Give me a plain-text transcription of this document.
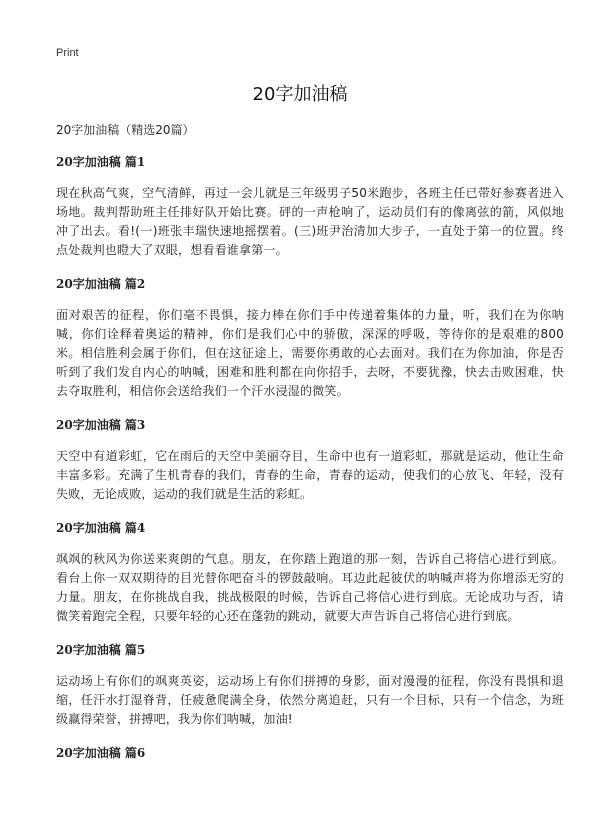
Print
20字加油稿

20字加油稿（精选20篇）

20字加油稿 篇1

现在秋高气爽，空气清鲜，再过一会儿就是三年级男子50米跑步，各班主任已带好参赛者进入场地。裁判帮助班主任排好队开始比赛。砰的一声枪响了，运动员们有的像离弦的箭，风似地冲了出去。看!(一)班张丰瑞快速地摇摆着。(三)班尹治清加大步子，一直处于第一的位置。终点处裁判也瞪大了双眼，想看看谁拿第一。

20字加油稿 篇2

面对艰苦的征程，你们毫不畏惧，接力棒在你们手中传递着集体的力量，听，我们在为你呐喊，你们诠释着奥运的精神，你们是我们心中的骄傲，深深的呼吸，等待你的是艰难的800米。相信胜利会属于你们，但在这征途上，需要你勇敢的心去面对。我们在为你加油，你是否听到了我们发自内心的呐喊，困难和胜利都在向你招手，去呀，不要犹豫，快去击败困难，快去夺取胜利，相信你会送给我们一个汗水浸湿的微笑。

20字加油稿 篇3

天空中有道彩虹，它在雨后的天空中美丽夺目，生命中也有一道彩虹，那就是运动，他让生命丰富多彩。充满了生机青春的我们，青春的生命，青春的运动，使我们的心放飞、年轻，没有失败，无论成败，运动的我们就是生活的彩虹。

20字加油稿 篇4

飒飒的秋风为你送来爽朗的气息。朋友，在你踏上跑道的那一刻，告诉自己将信心进行到底。看台上你一双双期待的目光替你吧奋斗的锣鼓敲响。耳边此起彼伏的呐喊声将为你增添无穷的力量。朋友，在你挑战自我，挑战极限的时候，告诉自己将信心进行到底。无论成功与否，请微笑着跑完全程，只要年轻的心还在蓬勃的跳动，就要大声告诉自己将信心进行到底。

20字加油稿 篇5

运动场上有你们的飒爽英姿，运动场上有你们拼搏的身影，面对漫漫的征程，你没有畏惧和退缩，任汗水打湿脊背，任疲惫爬满全身，依然分离追赶，只有一个目标，只有一个信念，为班级赢得荣誉，拼搏吧，我为你们呐喊，加油!

20字加油稿 篇6
